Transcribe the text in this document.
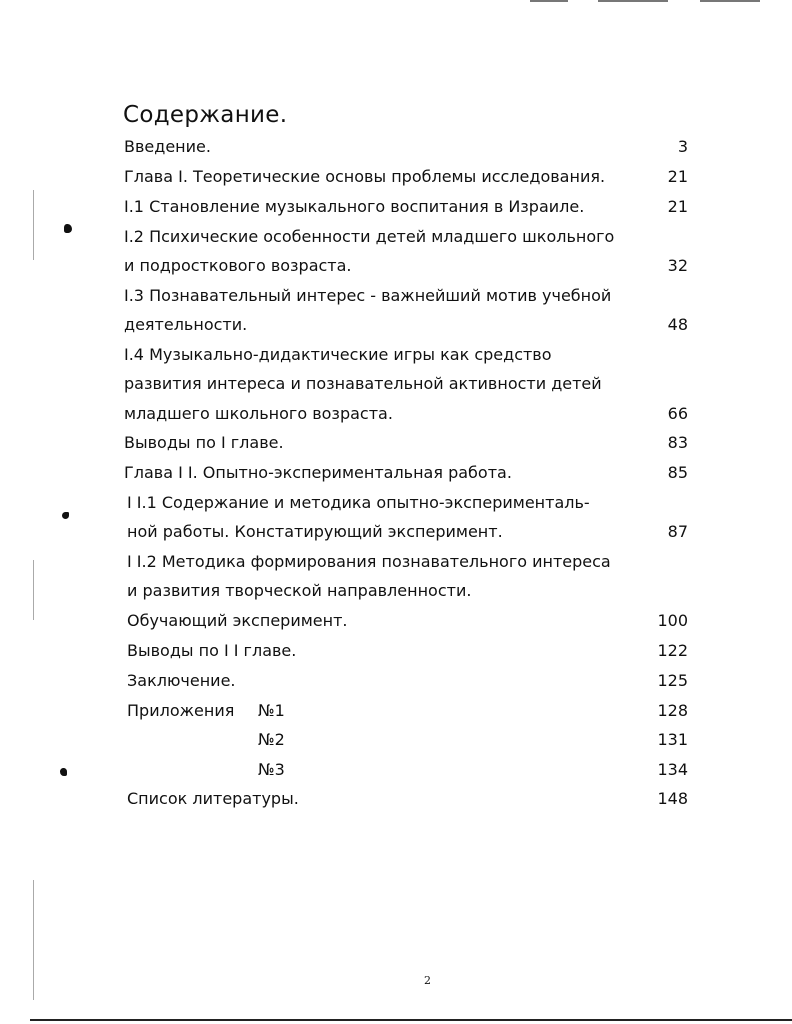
Содержание.
Введение.	3
Глава I. Теоретические основы проблемы исследования.	21
I.1 Становление музыкального воспитания в Израиле.	21
I.2 Психические особенности детей младшего школьного
и подросткового возраста.	32
I.3 Познавательный интерес - важнейший мотив учебной
деятельности.	48
I.4 Музыкально-дидактические игры как средство
развития интереса и познавательной активности детей
младшего школьного возраста.	66
Выводы по I главе.	83
Глава I I. Опытно-экспериментальная работа.	85
I I.1 Содержание и методика опытно-эксперименталь-
ной работы. Констатирующий эксперимент.	87
I I.2 Методика формирования познавательного интереса
и развития творческой направленности.
Обучающий эксперимент.	100
Выводы по I I главе.	122
Заключение.	125
Приложения №1	128
№2	131
№3	134
Список литературы.	148
2
